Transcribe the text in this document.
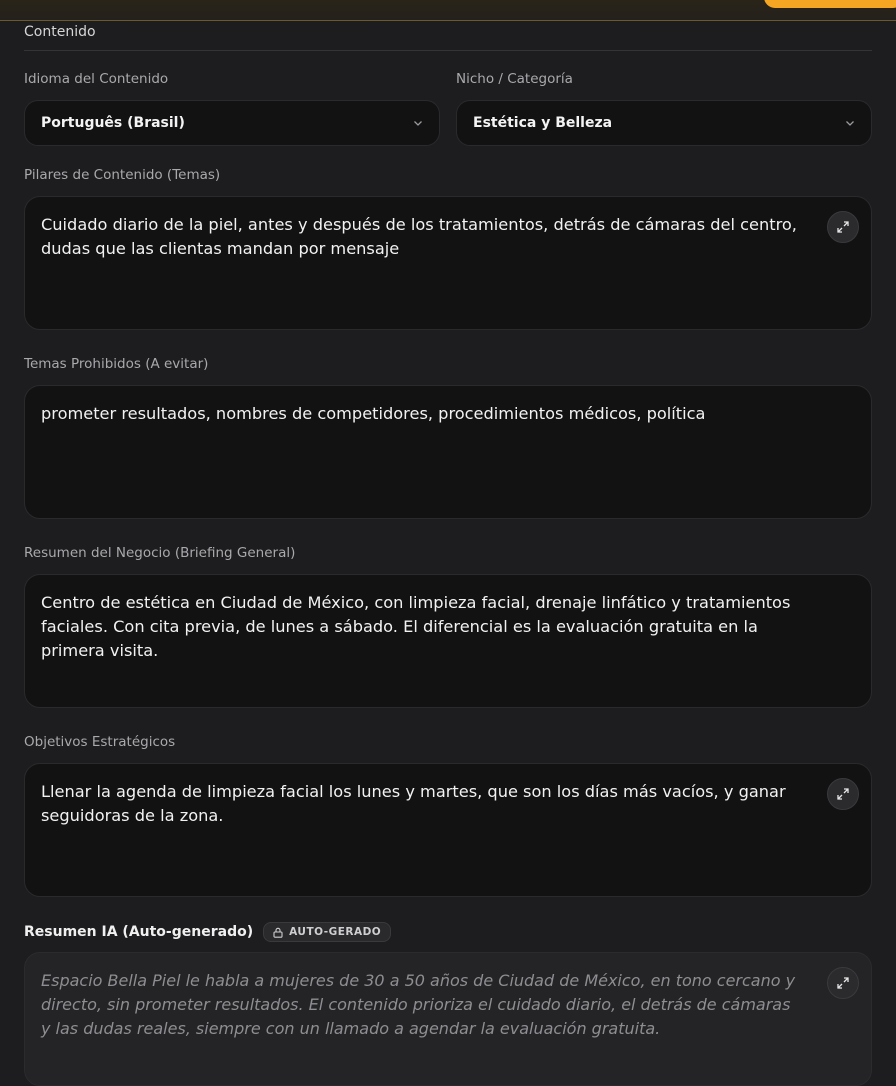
Contenido
Idioma del Contenido
Português (Brasil)
Nicho / Categoría
Estética y Belleza
Pilares de Contenido (Temas)
Cuidado diario de la piel, antes y después de los tratamientos, detrás de cámaras del centro, dudas que las clientas mandan por mensaje
Temas Prohibidos (A evitar)
prometer resultados, nombres de competidores, procedimientos médicos, política
Resumen del Negocio (Briefing General)
Centro de estética en Ciudad de México, con limpieza facial, drenaje linfático y tratamientos faciales. Con cita previa, de lunes a sábado. El diferencial es la evaluación gratuita en la primera visita.
Objetivos Estratégicos
Llenar la agenda de limpieza facial los lunes y martes, que son los días más vacíos, y ganar seguidoras de la zona.
Resumen IA (Auto-generado)	AUTO-GERADO
Espacio Bella Piel le habla a mujeres de 30 a 50 años de Ciudad de México, en tono cercano y directo, sin prometer resultados. El contenido prioriza el cuidado diario, el detrás de cámaras y las dudas reales, siempre con un llamado a agendar la evaluación gratuita.
